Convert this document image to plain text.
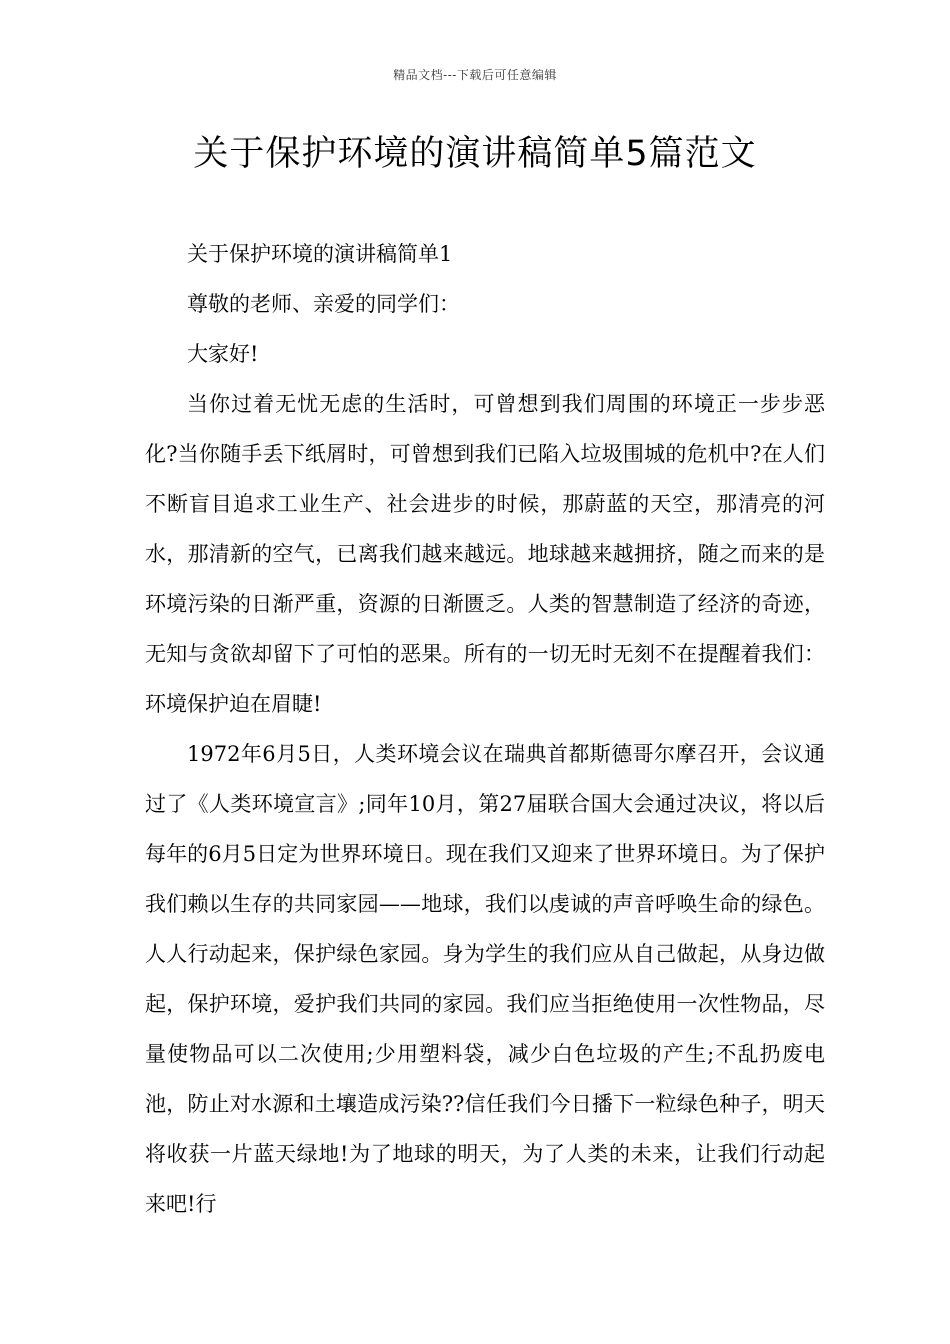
精品文档---下载后可任意编辑
关于保护环境的演讲稿简单5篇范文

关于保护环境的演讲稿简单1

尊敬的老师、亲爱的同学们：

大家好!

当你过着无忧无虑的生活时，可曾想到我们周围的环境正一步步恶化?当你随手丢下纸屑时，可曾想到我们已陷入垃圾围城的危机中?在人们不断盲目追求工业生产、社会进步的时候，那蔚蓝的天空，那清亮的河水，那清新的空气，已离我们越来越远。地球越来越拥挤，随之而来的是环境污染的日渐严重，资源的日渐匮乏。人类的智慧制造了经济的奇迹，无知与贪欲却留下了可怕的恶果。所有的一切无时无刻不在提醒着我们：环境保护迫在眉睫!

1972年6月5日，人类环境会议在瑞典首都斯德哥尔摩召开，会议通过了《人类环境宣言》;同年10月，第27届联合国大会通过决议，将以后每年的6月5日定为世界环境日。现在我们又迎来了世界环境日。为了保护我们赖以生存的共同家园——地球，我们以虔诚的声音呼唤生命的绿色。人人行动起来，保护绿色家园。身为学生的我们应从自己做起，从身边做起，保护环境，爱护我们共同的家园。我们应当拒绝使用一次性物品，尽量使物品可以二次使用;少用塑料袋，减少白色垃圾的产生;不乱扔废电池，防止对水源和土壤造成污染??信任我们今日播下一粒绿色种子，明天将收获一片蓝天绿地!为了地球的明天，为了人类的未来，让我们行动起来吧!行
